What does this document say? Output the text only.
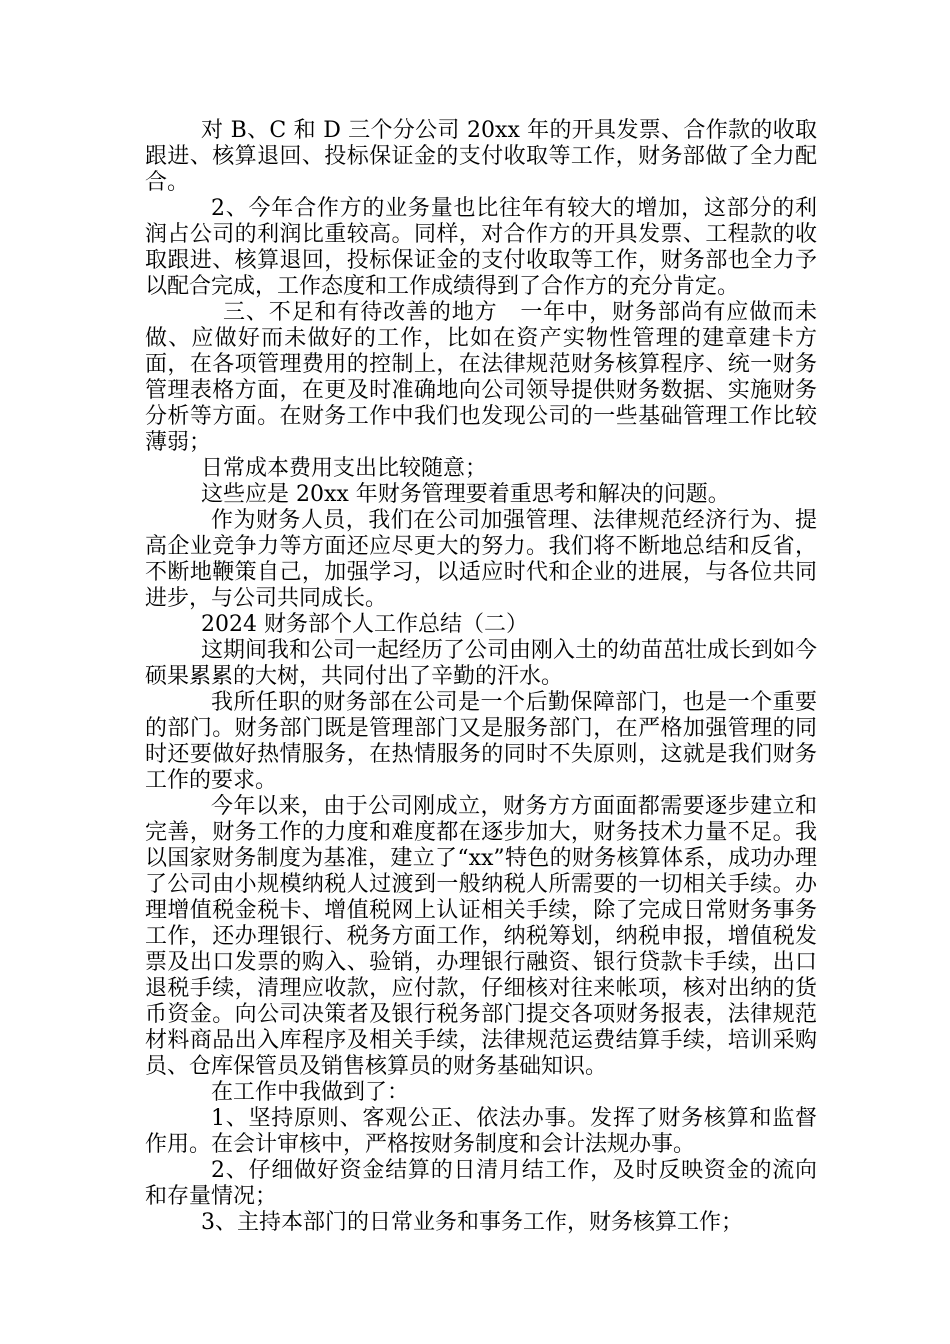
对 B、C 和 D 三个分公司 20xx 年的开具发票、合作款的收取跟进、核算退回、投标保证金的支付收取等工作，财务部做了全力配合。

2、今年合作方的业务量也比往年有较大的增加，这部分的利润占公司的利润比重较高。同样，对合作方的开具发票、工程款的收取跟进、核算退回，投标保证金的支付收取等工作，财务部也全力予以配合完成，工作态度和工作成绩得到了合作方的充分肯定。

三、不足和有待改善的地方　一年中，财务部尚有应做而未做、应做好而未做好的工作，比如在资产实物性管理的建章建卡方面，在各项管理费用的控制上，在法律规范财务核算程序、统一财务管理表格方面，在更及时准确地向公司领导提供财务数据、实施财务分析等方面。在财务工作中我们也发现公司的一些基础管理工作比较薄弱；

日常成本费用支出比较随意；

这些应是 20xx 年财务管理要着重思考和解决的问题。

作为财务人员，我们在公司加强管理、法律规范经济行为、提高企业竞争力等方面还应尽更大的努力。我们将不断地总结和反省，不断地鞭策自己，加强学习，以适应时代和企业的进展，与各位共同进步，与公司共同成长。

2024 财务部个人工作总结（二）

这期间我和公司一起经历了公司由刚入土的幼苗茁壮成长到如今硕果累累的大树，共同付出了辛勤的汗水。

我所任职的财务部在公司是一个后勤保障部门，也是一个重要的部门。财务部门既是管理部门又是服务部门，在严格加强管理的同时还要做好热情服务，在热情服务的同时不失原则，这就是我们财务工作的要求。

今年以来，由于公司刚成立，财务方方面面都需要逐步建立和完善，财务工作的力度和难度都在逐步加大，财务技术力量不足。我以国家财务制度为基准，建立了“xx”特色的财务核算体系，成功办理了公司由小规模纳税人过渡到一般纳税人所需要的一切相关手续。办理增值税金税卡、增值税网上认证相关手续，除了完成日常财务事务工作，还办理银行、税务方面工作，纳税筹划，纳税申报，增值税发票及出口发票的购入、验销，办理银行融资、银行贷款卡手续，出口退税手续，清理应收款，应付款，仔细核对往来帐项，核对出纳的货币资金。向公司决策者及银行税务部门提交各项财务报表，法律规范材料商品出入库程序及相关手续，法律规范运费结算手续，培训采购员、仓库保管员及销售核算员的财务基础知识。

在工作中我做到了：

1、坚持原则、客观公正、依法办事。发挥了财务核算和监督作用。在会计审核中，严格按财务制度和会计法规办事。

2、仔细做好资金结算的日清月结工作，及时反映资金的流向和存量情况；

3、主持本部门的日常业务和事务工作，财务核算工作；
